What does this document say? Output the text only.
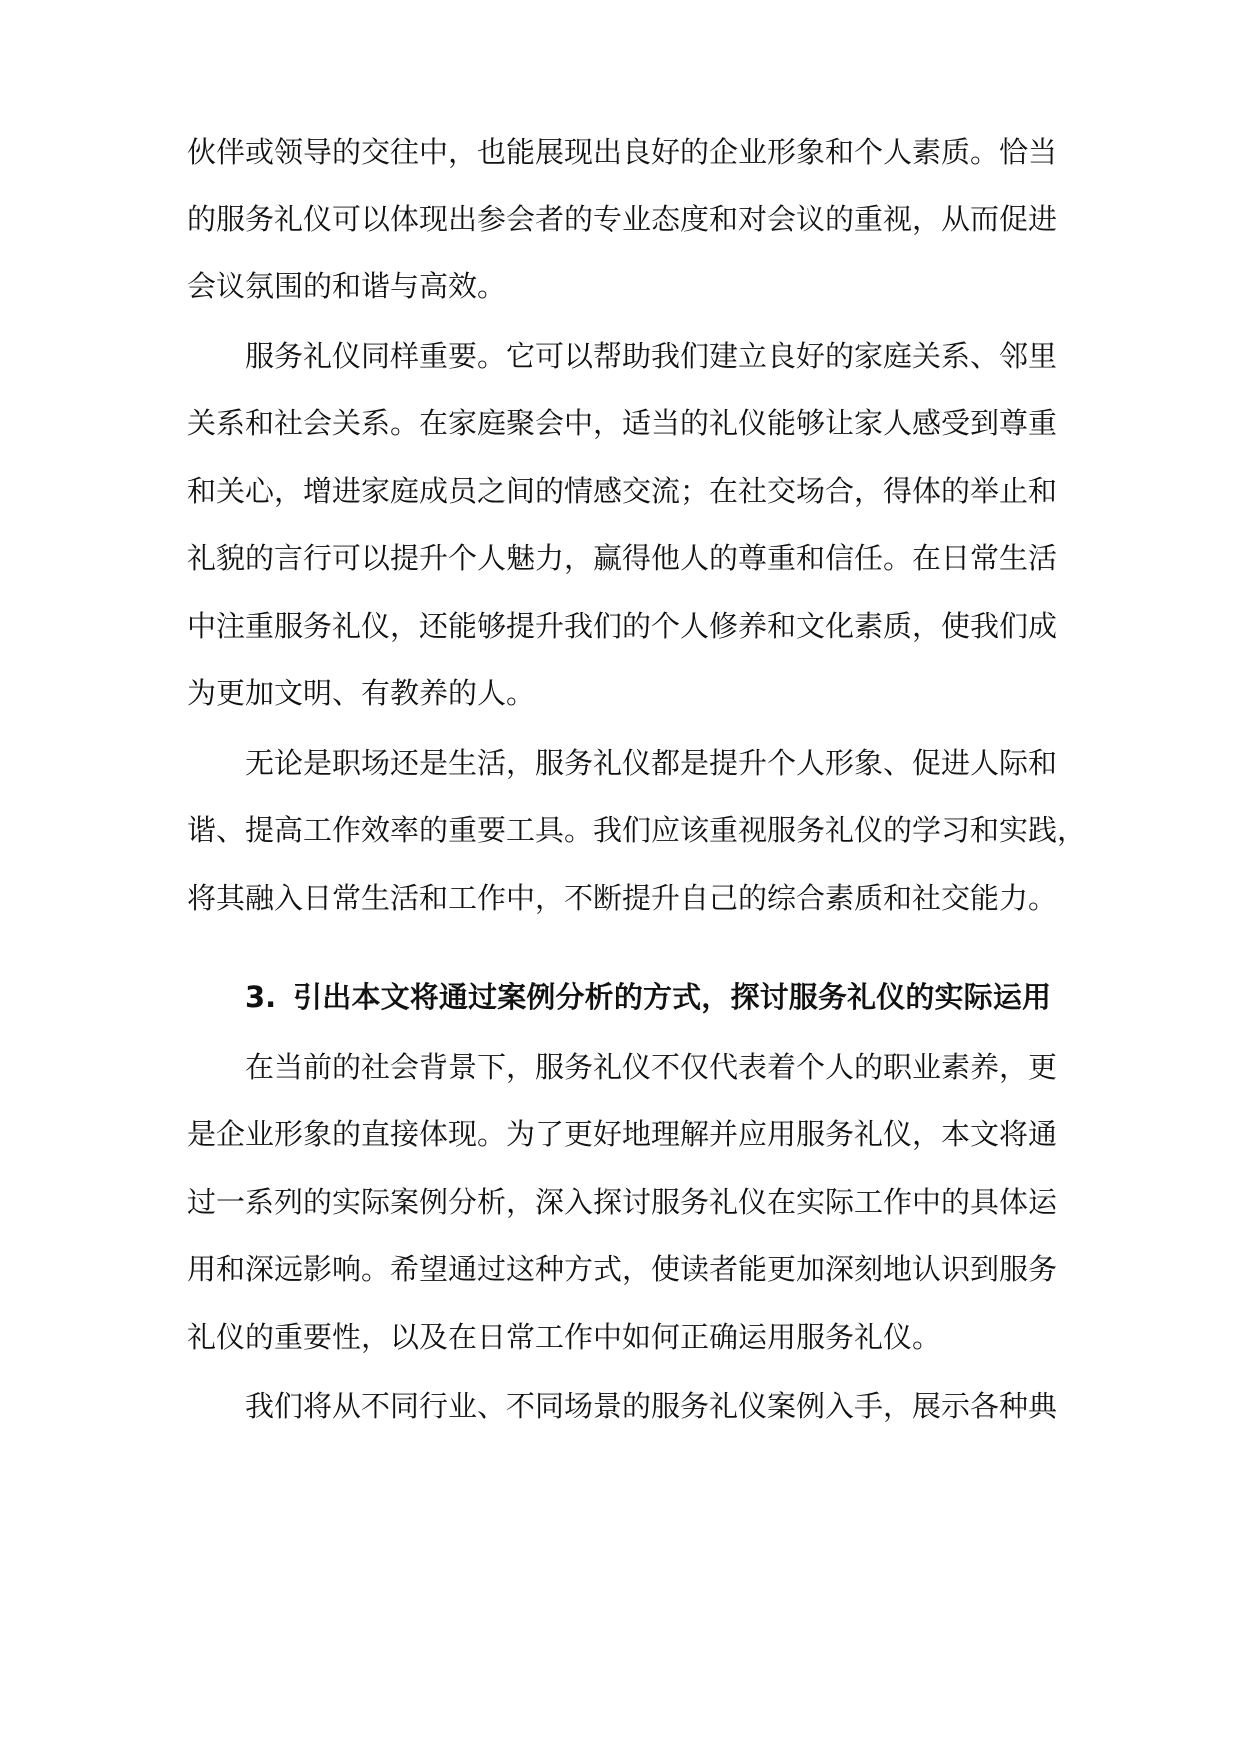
伙伴或领导的交往中，也能展现出良好的企业形象和个人素质。恰当
的服务礼仪可以体现出参会者的专业态度和对会议的重视，从而促进
会议氛围的和谐与高效。
服务礼仪同样重要。它可以帮助我们建立良好的家庭关系、邻里
关系和社会关系。在家庭聚会中，适当的礼仪能够让家人感受到尊重
和关心，增进家庭成员之间的情感交流；在社交场合，得体的举止和
礼貌的言行可以提升个人魅力，赢得他人的尊重和信任。在日常生活
中注重服务礼仪，还能够提升我们的个人修养和文化素质，使我们成
为更加文明、有教养的人。
无论是职场还是生活，服务礼仪都是提升个人形象、促进人际和
谐、提高工作效率的重要工具。我们应该重视服务礼仪的学习和实践，
将其融入日常生活和工作中，不断提升自己的综合素质和社交能力。
3. 引出本文将通过案例分析的方式，探讨服务礼仪的实际运用
在当前的社会背景下，服务礼仪不仅代表着个人的职业素养，更
是企业形象的直接体现。为了更好地理解并应用服务礼仪，本文将通
过一系列的实际案例分析，深入探讨服务礼仪在实际工作中的具体运
用和深远影响。希望通过这种方式，使读者能更加深刻地认识到服务
礼仪的重要性，以及在日常工作中如何正确运用服务礼仪。
我们将从不同行业、不同场景的服务礼仪案例入手，展示各种典
